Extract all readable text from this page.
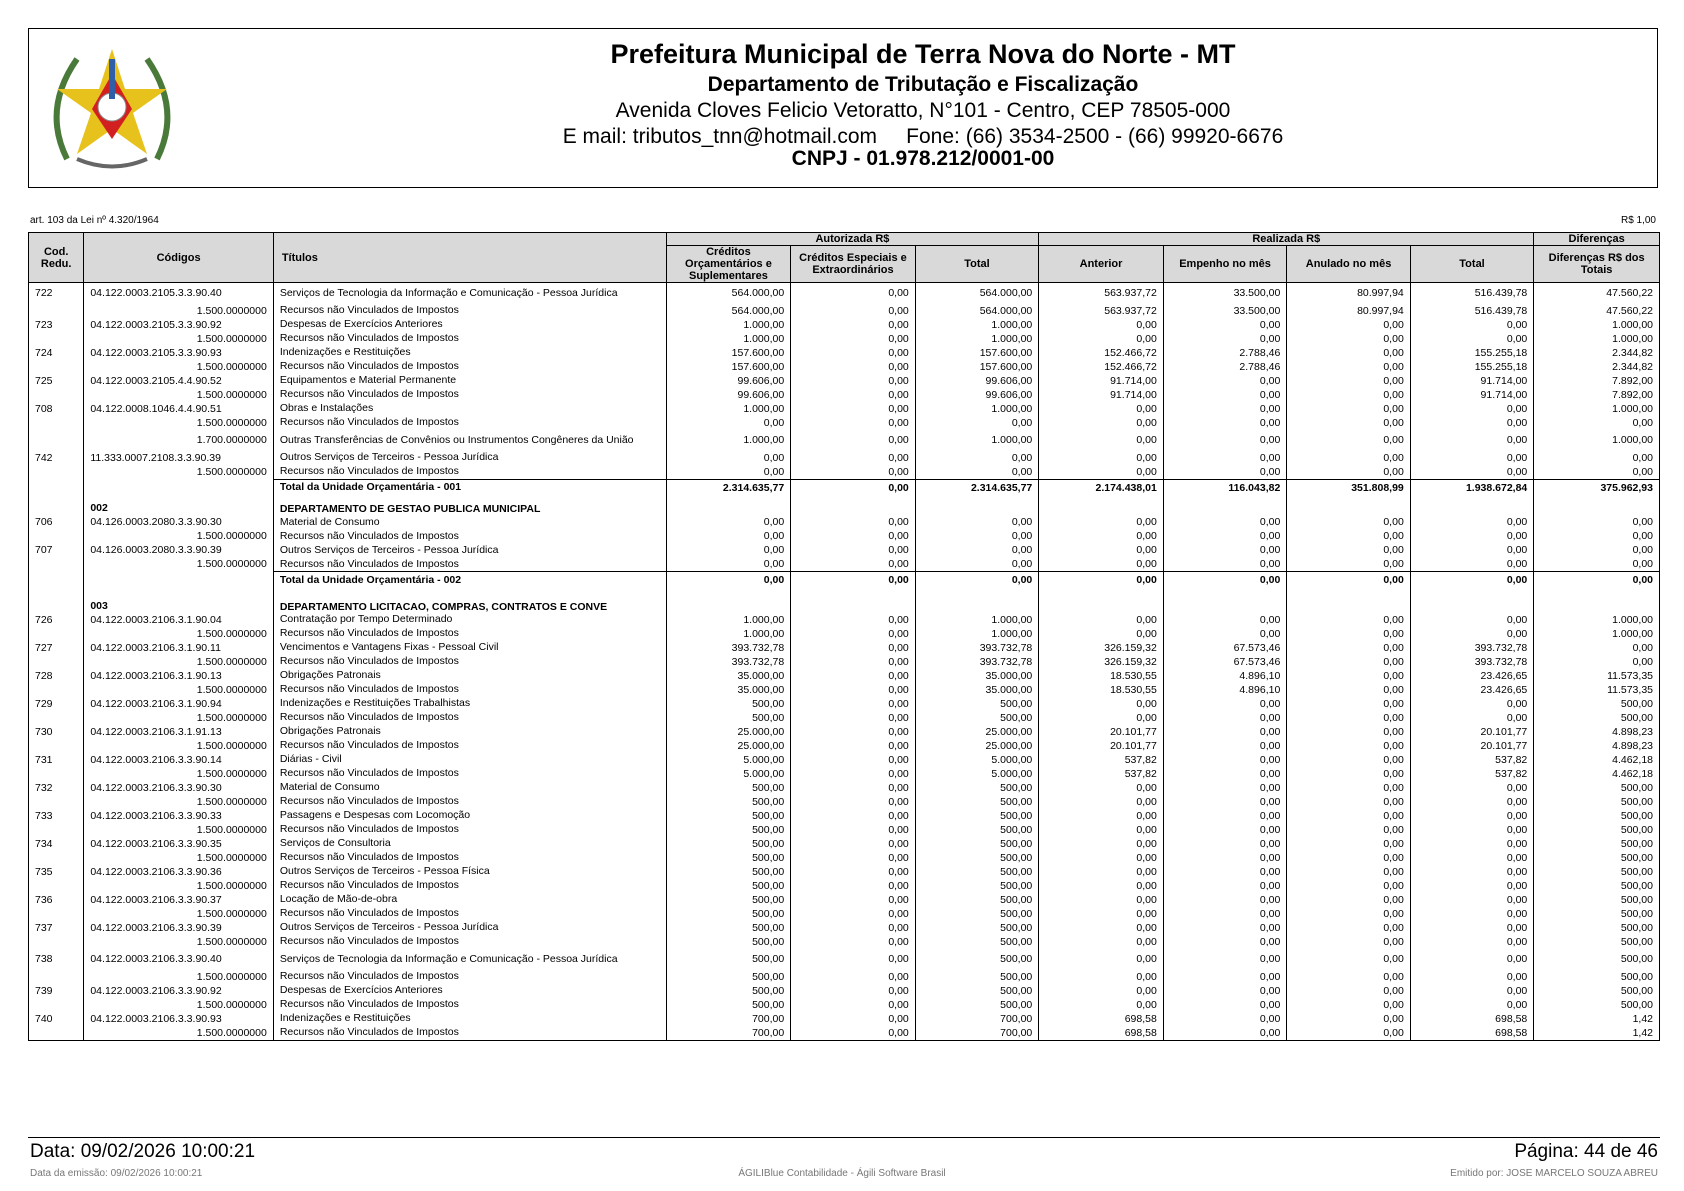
Prefeitura Municipal de Terra Nova do Norte - MT
Departamento de Tributação e Fiscalização
Avenida Cloves Felicio Vetoratto, N°101 - Centro, CEP 78505-000
E mail: tributos_tnn@hotmail.com     Fone: (66) 3534-2500 - (66) 99920-6676
CNPJ - 01.978.212/0001-00
art. 103 da Lei nº 4.320/1964	R$ 1,00
Cod. Redu.	Códigos	Títulos	Autorizada R$			Realizada R$				Diferenças
			Créditos Orçamentários e Suplementares	Créditos Especiais e Extraordinários	Total	Anterior	Empenho no mês	Anulado no mês	Total	Diferenças R$ dos Totais
722	04.122.0003.2105.3.3.90.40	Serviços de Tecnologia da Informação e Comunicação - Pessoa Jurídica	564.000,00	0,00	564.000,00	563.937,72	33.500,00	80.997,94	516.439,78	47.560,22
	1.500.0000000	Recursos não Vinculados de Impostos	564.000,00	0,00	564.000,00	563.937,72	33.500,00	80.997,94	516.439,78	47.560,22
723	04.122.0003.2105.3.3.90.92	Despesas de Exercícios Anteriores	1.000,00	0,00	1.000,00	0,00	0,00	0,00	0,00	1.000,00
	1.500.0000000	Recursos não Vinculados de Impostos	1.000,00	0,00	1.000,00	0,00	0,00	0,00	0,00	1.000,00
724	04.122.0003.2105.3.3.90.93	Indenizações e Restituições	157.600,00	0,00	157.600,00	152.466,72	2.788,46	0,00	155.255,18	2.344,82
	1.500.0000000	Recursos não Vinculados de Impostos	157.600,00	0,00	157.600,00	152.466,72	2.788,46	0,00	155.255,18	2.344,82
725	04.122.0003.2105.4.4.90.52	Equipamentos e Material Permanente	99.606,00	0,00	99.606,00	91.714,00	0,00	0,00	91.714,00	7.892,00
	1.500.0000000	Recursos não Vinculados de Impostos	99.606,00	0,00	99.606,00	91.714,00	0,00	0,00	91.714,00	7.892,00
708	04.122.0008.1046.4.4.90.51	Obras e Instalações	1.000,00	0,00	1.000,00	0,00	0,00	0,00	0,00	1.000,00
	1.500.0000000	Recursos não Vinculados de Impostos	0,00	0,00	0,00	0,00	0,00	0,00	0,00	0,00
	1.700.0000000	Outras Transferências de Convênios ou Instrumentos Congêneres da União	1.000,00	0,00	1.000,00	0,00	0,00	0,00	0,00	1.000,00
742	11.333.0007.2108.3.3.90.39	Outros Serviços de Terceiros - Pessoa Jurídica	0,00	0,00	0,00	0,00	0,00	0,00	0,00	0,00
	1.500.0000000	Recursos não Vinculados de Impostos	0,00	0,00	0,00	0,00	0,00	0,00	0,00	0,00
		Total da Unidade Orçamentária - 001	2.314.635,77	0,00	2.314.635,77	2.174.438,01	116.043,82	351.808,99	1.938.672,84	375.962,93
	002	DEPARTAMENTO DE GESTAO PUBLICA MUNICIPAL								
706	04.126.0003.2080.3.3.90.30	Material de Consumo	0,00	0,00	0,00	0,00	0,00	0,00	0,00	0,00
	1.500.0000000	Recursos não Vinculados de Impostos	0,00	0,00	0,00	0,00	0,00	0,00	0,00	0,00
707	04.126.0003.2080.3.3.90.39	Outros Serviços de Terceiros - Pessoa Jurídica	0,00	0,00	0,00	0,00	0,00	0,00	0,00	0,00
	1.500.0000000	Recursos não Vinculados de Impostos	0,00	0,00	0,00	0,00	0,00	0,00	0,00	0,00
		Total da Unidade Orçamentária - 002	0,00	0,00	0,00	0,00	0,00	0,00	0,00	0,00
	003	DEPARTAMENTO LICITACAO, COMPRAS, CONTRATOS E CONVE								
726	04.122.0003.2106.3.1.90.04	Contratação por Tempo Determinado	1.000,00	0,00	1.000,00	0,00	0,00	0,00	0,00	1.000,00
	1.500.0000000	Recursos não Vinculados de Impostos	1.000,00	0,00	1.000,00	0,00	0,00	0,00	0,00	1.000,00
727	04.122.0003.2106.3.1.90.11	Vencimentos e Vantagens Fixas - Pessoal Civil	393.732,78	0,00	393.732,78	326.159,32	67.573,46	0,00	393.732,78	0,00
	1.500.0000000	Recursos não Vinculados de Impostos	393.732,78	0,00	393.732,78	326.159,32	67.573,46	0,00	393.732,78	0,00
728	04.122.0003.2106.3.1.90.13	Obrigações Patronais	35.000,00	0,00	35.000,00	18.530,55	4.896,10	0,00	23.426,65	11.573,35
	1.500.0000000	Recursos não Vinculados de Impostos	35.000,00	0,00	35.000,00	18.530,55	4.896,10	0,00	23.426,65	11.573,35
729	04.122.0003.2106.3.1.90.94	Indenizações e Restituições Trabalhistas	500,00	0,00	500,00	0,00	0,00	0,00	0,00	500,00
	1.500.0000000	Recursos não Vinculados de Impostos	500,00	0,00	500,00	0,00	0,00	0,00	0,00	500,00
730	04.122.0003.2106.3.1.91.13	Obrigações Patronais	25.000,00	0,00	25.000,00	20.101,77	0,00	0,00	20.101,77	4.898,23
	1.500.0000000	Recursos não Vinculados de Impostos	25.000,00	0,00	25.000,00	20.101,77	0,00	0,00	20.101,77	4.898,23
731	04.122.0003.2106.3.3.90.14	Diárias - Civil	5.000,00	0,00	5.000,00	537,82	0,00	0,00	537,82	4.462,18
	1.500.0000000	Recursos não Vinculados de Impostos	5.000,00	0,00	5.000,00	537,82	0,00	0,00	537,82	4.462,18
732	04.122.0003.2106.3.3.90.30	Material de Consumo	500,00	0,00	500,00	0,00	0,00	0,00	0,00	500,00
	1.500.0000000	Recursos não Vinculados de Impostos	500,00	0,00	500,00	0,00	0,00	0,00	0,00	500,00
733	04.122.0003.2106.3.3.90.33	Passagens e Despesas com Locomoção	500,00	0,00	500,00	0,00	0,00	0,00	0,00	500,00
	1.500.0000000	Recursos não Vinculados de Impostos	500,00	0,00	500,00	0,00	0,00	0,00	0,00	500,00
734	04.122.0003.2106.3.3.90.35	Serviços de Consultoria	500,00	0,00	500,00	0,00	0,00	0,00	0,00	500,00
	1.500.0000000	Recursos não Vinculados de Impostos	500,00	0,00	500,00	0,00	0,00	0,00	0,00	500,00
735	04.122.0003.2106.3.3.90.36	Outros Serviços de Terceiros - Pessoa Física	500,00	0,00	500,00	0,00	0,00	0,00	0,00	500,00
	1.500.0000000	Recursos não Vinculados de Impostos	500,00	0,00	500,00	0,00	0,00	0,00	0,00	500,00
736	04.122.0003.2106.3.3.90.37	Locação de Mão-de-obra	500,00	0,00	500,00	0,00	0,00	0,00	0,00	500,00
	1.500.0000000	Recursos não Vinculados de Impostos	500,00	0,00	500,00	0,00	0,00	0,00	0,00	500,00
737	04.122.0003.2106.3.3.90.39	Outros Serviços de Terceiros - Pessoa Jurídica	500,00	0,00	500,00	0,00	0,00	0,00	0,00	500,00
	1.500.0000000	Recursos não Vinculados de Impostos	500,00	0,00	500,00	0,00	0,00	0,00	0,00	500,00
738	04.122.0003.2106.3.3.90.40	Serviços de Tecnologia da Informação e Comunicação - Pessoa Jurídica	500,00	0,00	500,00	0,00	0,00	0,00	0,00	500,00
	1.500.0000000	Recursos não Vinculados de Impostos	500,00	0,00	500,00	0,00	0,00	0,00	0,00	500,00
739	04.122.0003.2106.3.3.90.92	Despesas de Exercícios Anteriores	500,00	0,00	500,00	0,00	0,00	0,00	0,00	500,00
	1.500.0000000	Recursos não Vinculados de Impostos	500,00	0,00	500,00	0,00	0,00	0,00	0,00	500,00
740	04.122.0003.2106.3.3.90.93	Indenizações e Restituições	700,00	0,00	700,00	698,58	0,00	0,00	698,58	1,42
	1.500.0000000	Recursos não Vinculados de Impostos	700,00	0,00	700,00	698,58	0,00	0,00	698,58	1,42
Data: 09/02/2026 10:00:21	Página: 44 de 46
Data da emissão: 09/02/2026 10:00:21	ÁGILIBlue Contabilidade - Ágili Software Brasil	Emitido por: JOSE MARCELO SOUZA ABREU
